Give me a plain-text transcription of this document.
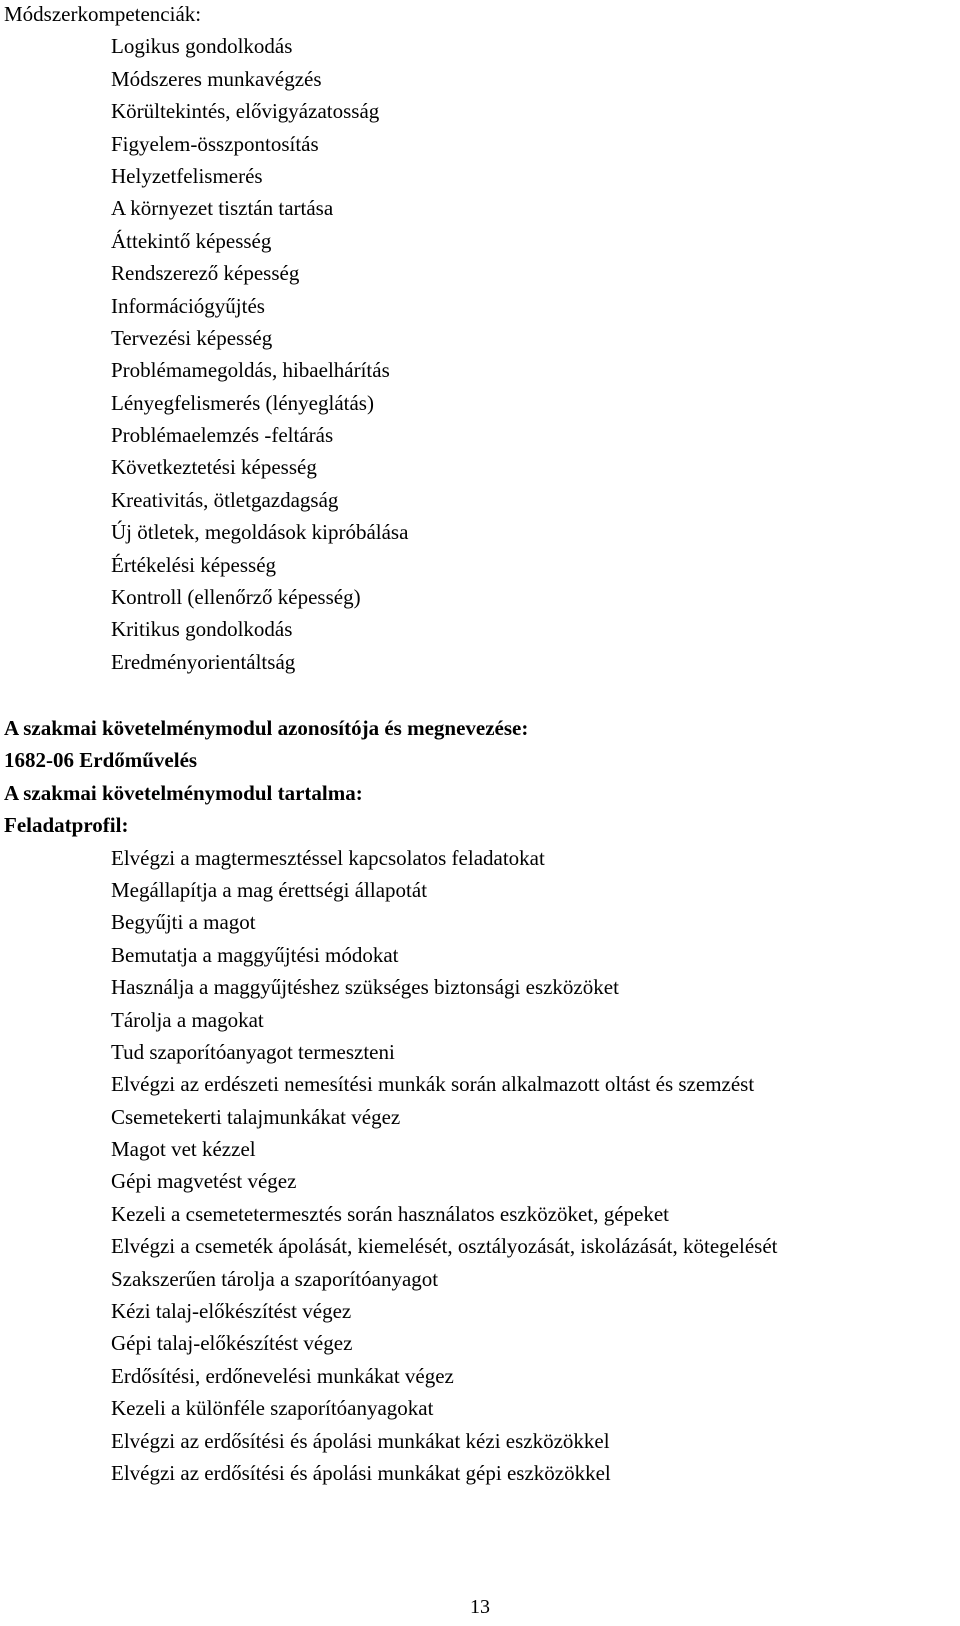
Módszerkompetenciák:
Logikus gondolkodás
Módszeres munkavégzés
Körültekintés, elővigyázatosság
Figyelem-összpontosítás
Helyzetfelismerés
A környezet tisztán tartása
Áttekintő képesség
Rendszerező képesség
Információgyűjtés
Tervezési képesség
Problémamegoldás, hibaelhárítás
Lényegfelismerés (lényeglátás)
Problémaelemzés -feltárás
Következtetési képesség
Kreativitás, ötletgazdagság
Új ötletek, megoldások kipróbálása
Értékelési képesség
Kontroll (ellenőrző képesség)
Kritikus gondolkodás
Eredményorientáltság
A szakmai követelménymodul azonosítója és megnevezése:
1682-06 Erdőművelés
A szakmai követelménymodul tartalma:
Feladatprofil:
Elvégzi a magtermesztéssel kapcsolatos feladatokat
Megállapítja a mag érettségi állapotát
Begyűjti a magot
Bemutatja a maggyűjtési módokat
Használja a maggyűjtéshez szükséges biztonsági eszközöket
Tárolja a magokat
Tud szaporítóanyagot termeszteni
Elvégzi az erdészeti nemesítési munkák során alkalmazott oltást és szemzést
Csemetekerti talajmunkákat végez
Magot vet kézzel
Gépi magvetést végez
Kezeli a csemetetermesztés során használatos eszközöket, gépeket
Elvégzi a csemeték ápolását, kiemelését, osztályozását, iskolázását, kötegelését
Szakszerűen tárolja a szaporítóanyagot
Kézi talaj-előkészítést végez
Gépi talaj-előkészítést végez
Erdősítési, erdőnevelési munkákat végez
Kezeli a különféle szaporítóanyagokat
Elvégzi az erdősítési és ápolási munkákat kézi eszközökkel
Elvégzi az erdősítési és ápolási munkákat gépi eszközökkel
13
